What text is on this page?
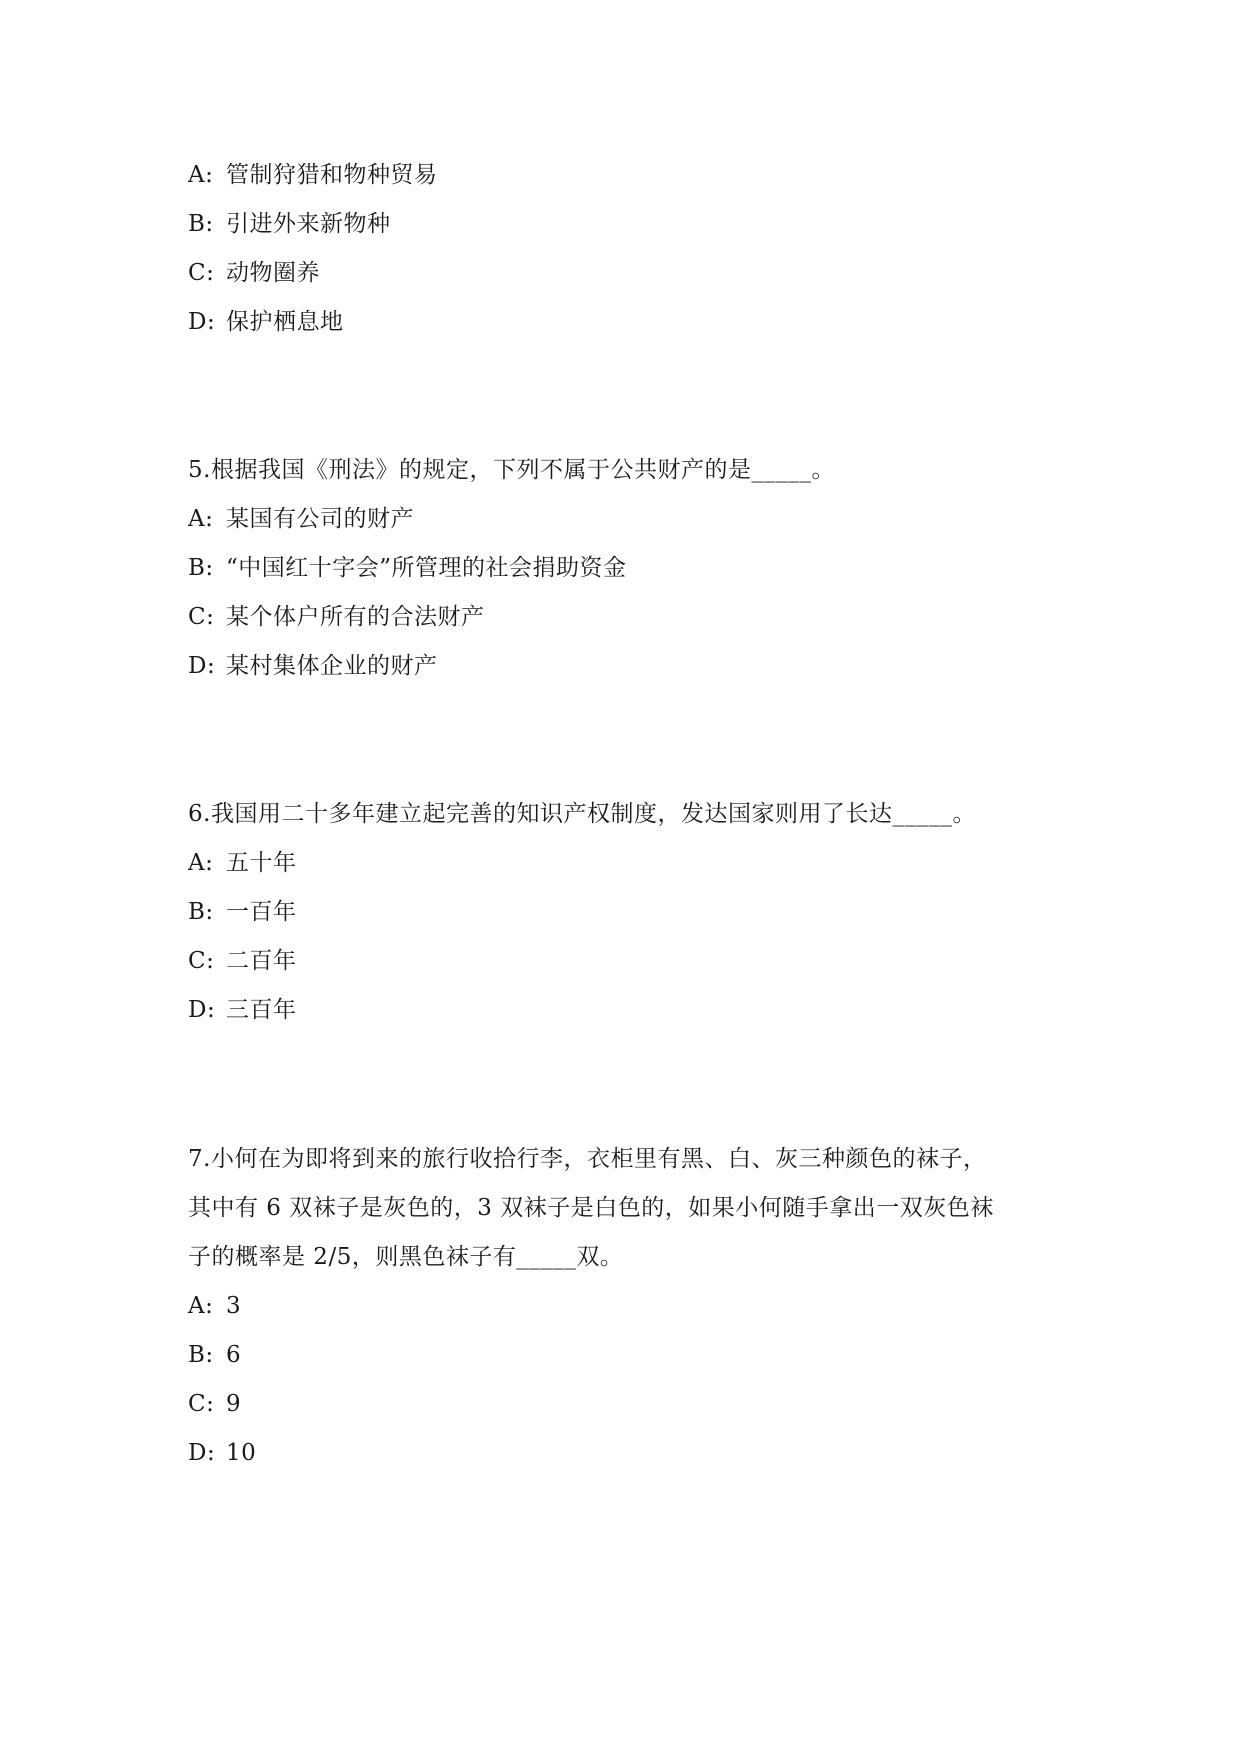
A: 管制狩猎和物种贸易
B: 引进外来新物种
C: 动物圈养
D: 保护栖息地
5.根据我国《刑法》的规定，下列不属于公共财产的是_____。
A: 某国有公司的财产
B: “中国红十字会”所管理的社会捐助资金
C: 某个体户所有的合法财产
D: 某村集体企业的财产
6.我国用二十多年建立起完善的知识产权制度，发达国家则用了长达_____。
A: 五十年
B: 一百年
C: 二百年
D: 三百年
7.小何在为即将到来的旅行收拾行李，衣柜里有黑、白、灰三种颜色的袜子，
其中有 6 双袜子是灰色的，3 双袜子是白色的，如果小何随手拿出一双灰色袜
子的概率是 2/5，则黑色袜子有_____双。
A: 3
B: 6
C: 9
D: 10
